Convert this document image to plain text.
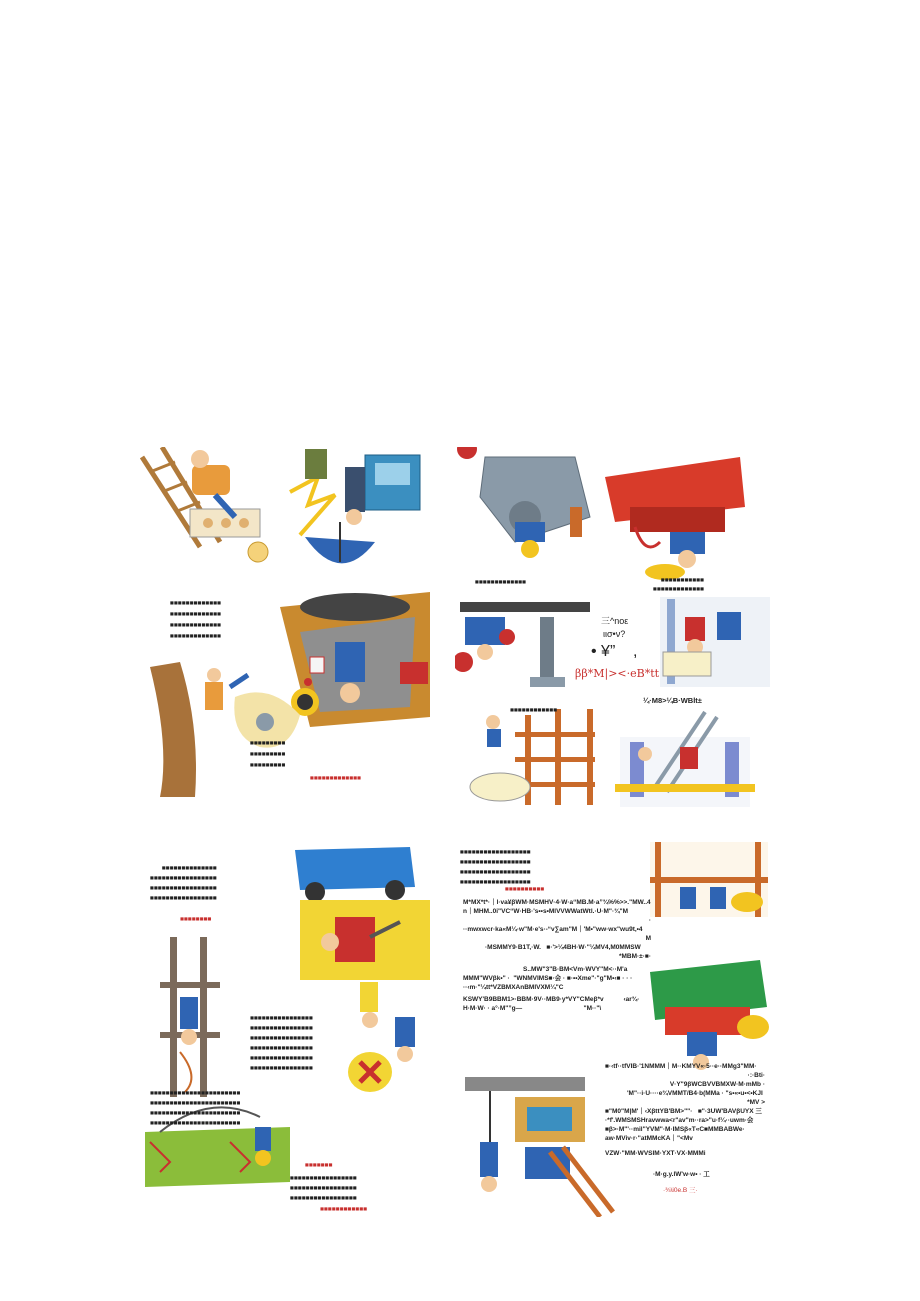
■■■■■■■■■■■■■
■■■■■■■■■■■■■
■■■■■■■■■■■■■
■■■■■■■■■■■■■
■■■■■■■■■
■■■■■■■■■
■■■■■■■■■
■■■■■■■■■■■■■
■■■■■■■■■■■■■
■■■■■■■■■■■■■
■■■■■■■■■■■
■■■■■■■■■■■■
三^noε
ιισ•ν?
• ¥”    ,
ββ*M|><·eB*tt
¼·M8>¼B·WBlt±
■■■■■■■■■■■■■■■■■
■■■■■■■■■■■■■■■■■
■■■■■■■■■■■■■■■■■
■■■■■■■■■■■■■■
■■■■■■■■
■■■■■■■■■■■■■■■■
■■■■■■■■■■■■■■■■
■■■■■■■■■■■■■■■■
■■■■■■■■■■■■■■■■
■■■■■■■■■■■■■■■■
■■■■■■■■■■■■■■■■
■■■■■■■■■■■■■■■■■■■■■■■
■■■■■■■■■■■■■■■■■■■■■■■
■■■■■■■■■■■■■■■■■■■■■■■
■■■■■■■■■■■■■■■■■■■■■■■
■■■■■■■
■■■■■■■■■■■■■■■■■
■■■■■■■■■■■■■■■■■
■■■■■■■■■■■■■■■■■
■■■■■■■■■■■■
■■■■■■■■■■■■■■■■■■
■■■■■■■■■■■■■■■■■■
■■■■■■■■■■■■■■■■■■
■■■■■■■■■■■■■■■■■■
■■■■■■■■■■
M*MX*t*·｜l·va¥βWM·MSMHV·4·W·a“MB.M·a”¾%%>>."MW..4
n｜MHM..0i"VC“W·HB·'s••s•MlVVWWatWtl.·U·M"·¾"M
·
··mwxwcr·ka«M¼·w"M·e's·-“v∑am"M｜'M•"ww·wx"wu9t,•4
M
·MSMMY9·B1T,·W.   ■·'>¼4BH·W·"¼MV4,M0MMSW
*MBM·±·■·
S..MW"3"B·BM<Vm·WVY"M<··M'a
MMM"WVβk•" ·  "WNMVIMS■·会 · ■·••Xme"·"g"M•‹■ · · ·
··‹m·"¼tt*VZBMXAnBMIVXM¼"C
KSWY'B9BBM1>·BBM·9V··MB9·y*VY"CMeβ*v           ‹ar¾·
H·M·W· · a°·M"”g—                                  "M··"\
■·‹tf··tfVIB·'1NMMM｜M··KMYV«·5··e··MMg3"MM·
·:·Bti·
V·Y"9βWCBVVBMXW·M·mMb ·
'M"··i·U····e¾VMMT/B4·b(MMa · "s•«•u•<•KJI
*MV >
■"M0"M|M'｜‹XβttYB'BM>""·   ■"·3UW'BAVβUYX 三
·*f'.WMSMSHravwwa<r"av"m··ra>"u·f¼··uwm·会
■β>·M"'··mil"YVM"·M·IMSβ«T«C■MMBABWe·
aw·MViv·r·"atMMcKA｜"<Mv
VZW·"MM·WVSIM·YXT·VX·MMMi
·M·g.y.lW'w·w• · 工
·¾\i0e.B 三·
